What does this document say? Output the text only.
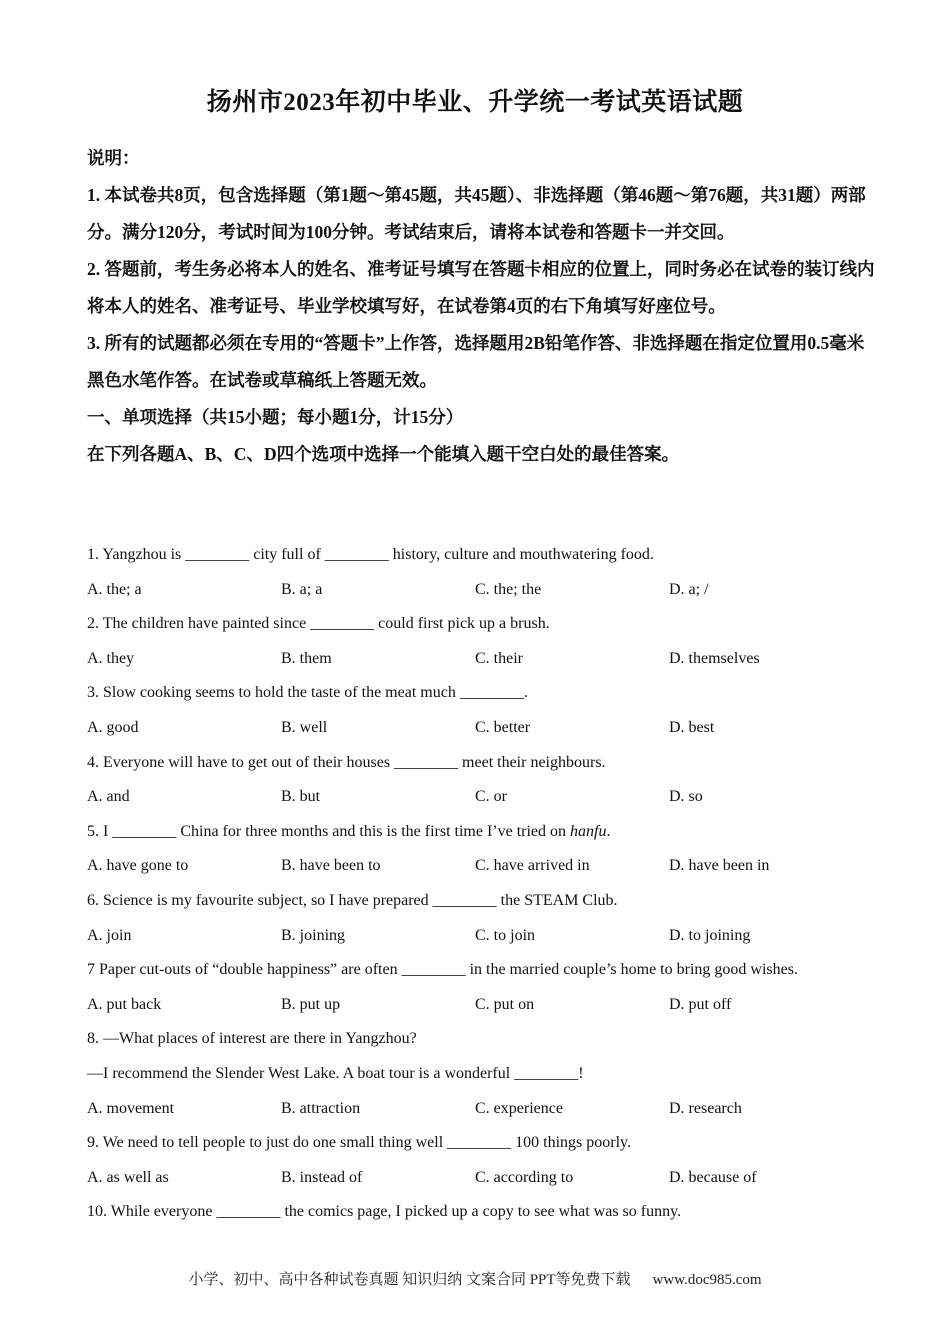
扬州市2023年初中毕业、升学统一考试英语试题

说明：

1. 本试卷共8页，包含选择题（第1题～第45题，共45题）、非选择题（第46题～第76题，共31题）两部分。满分120分，考试时间为100分钟。考试结束后，请将本试卷和答题卡一并交回。

2. 答题前，考生务必将本人的姓名、准考证号填写在答题卡相应的位置上，同时务必在试卷的装订线内将本人的姓名、准考证号、毕业学校填写好，在试卷第4页的右下角填写好座位号。

3. 所有的试题都必须在专用的“答题卡”上作答，选择题用2B铅笔作答、非选择题在指定位置用0.5毫米黑色水笔作答。在试卷或草稿纸上答题无效。

一、单项选择（共15小题；每小题1分，计15分）

在下列各题A、B、C、D四个选项中选择一个能填入题干空白处的最佳答案。

1. Yangzhou is ________ city full of ________ history, culture and mouthwatering food.
A. the; a	B. a; a	C. the; the	D. a; /
2. The children have painted since ________ could first pick up a brush.
A. they	B. them	C. their	D. themselves
3. Slow cooking seems to hold the taste of the meat much ________.
A. good	B. well	C. better	D. best
4. Everyone will have to get out of their houses ________ meet their neighbours.
A. and	B. but	C. or	D. so
5. I ________ China for three months and this is the first time I’ve tried on hanfu.
A. have gone to	B. have been to	C. have arrived in	D. have been in
6. Science is my favourite subject, so I have prepared ________ the STEAM Club.
A. join	B. joining	C. to join	D. to joining
7 Paper cut-outs of “double happiness” are often ________ in the married couple’s home to bring good wishes.
A. put back	B. put up	C. put on	D. put off
8. —What places of interest are there in Yangzhou?
—I recommend the Slender West Lake. A boat tour is a wonderful ________!
A. movement	B. attraction	C. experience	D. research
9. We need to tell people to just do one small thing well ________ 100 things poorly.
A. as well as	B. instead of	C. according to	D. because of
10. While everyone ________ the comics page, I picked up a copy to see what was so funny.
小学、初中、高中各种试卷真题 知识归纳 文案合同 PPT等免费下载 www.doc985.com
